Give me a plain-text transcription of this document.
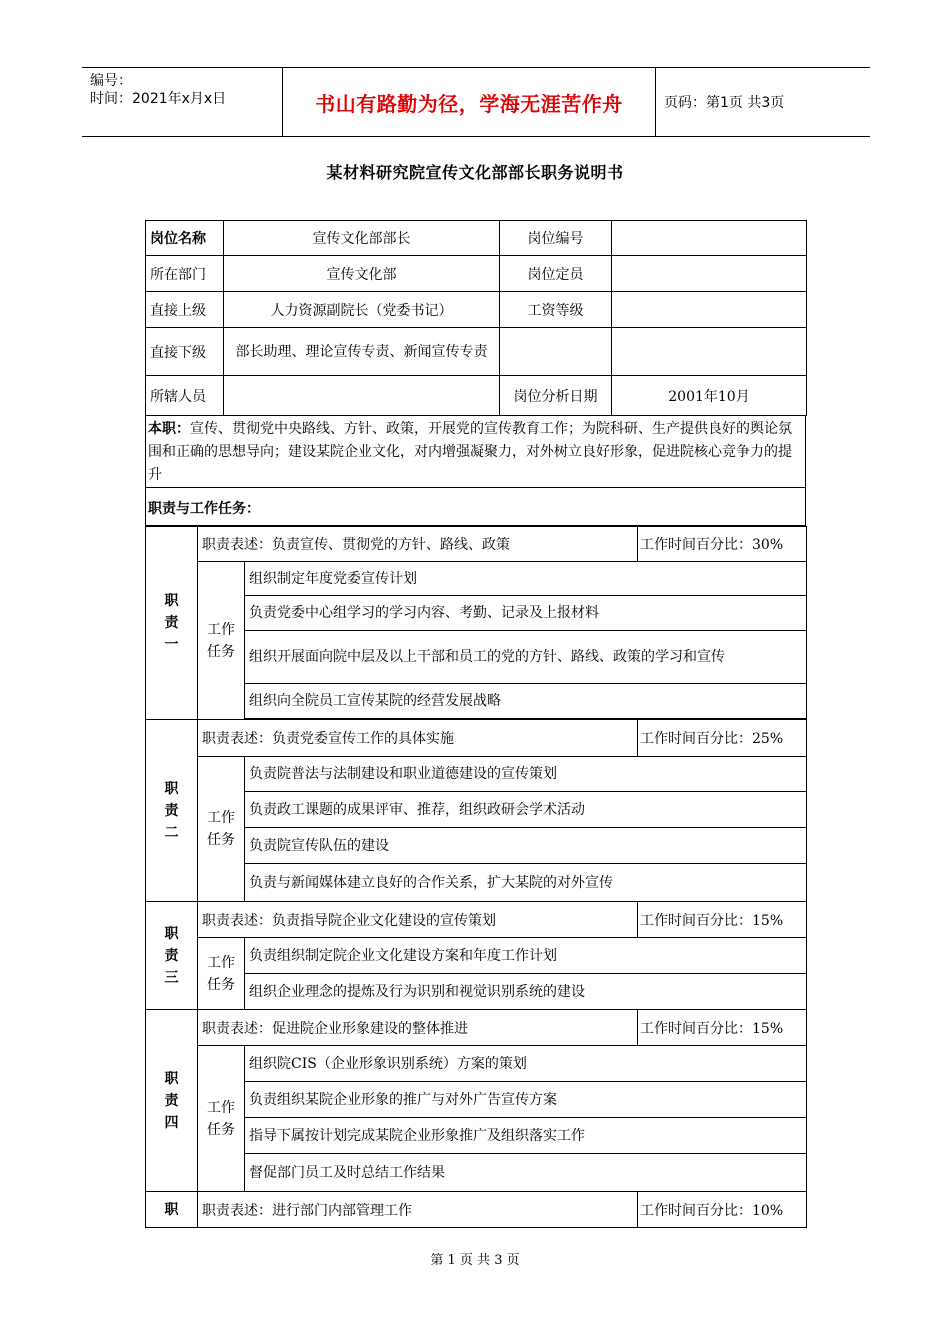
编号：
时间：2021年x月x日	书山有路勤为径，学海无涯苦作舟	页码：第1页 共3页
某材料研究院宣传文化部部长职务说明书
岗位名称	宣传文化部部长	岗位编号	
所在部门	宣传文化部	岗位定员	
直接上级	人力资源副院长（党委书记）	工资等级	
直接下级	部长助理、理论宣传专责、新闻宣传专责		
所辖人员		岗位分析日期	2001年10月
本职：宣传、贯彻党中央路线、方针、政策，开展党的宣传教育工作；为院科研、生产提供良好的舆论氛围和正确的思想导向；建设某院企业文化，对内增强凝聚力，对外树立良好形象，促进院核心竞争力的提升
职责与工作任务：
职
责
一	职责表述：负责宣传、贯彻党的方针、路线、政策		工作时间百分比：30%

	工作
任务	组织制定年度党委宣传计划	
		负责党委中心组学习的学习内容、考勤、记录及上报材料	
		组织开展面向院中层及以上干部和员工的党的方针、路线、政策的学习和宣传	
		组织向全院员工宣传某院的经营发展战略	

职
责
二	职责表述：负责党委宣传工作的具体实施		工作时间百分比：25%

	工作
任务	负责院普法与法制建设和职业道德建设的宣传策划	
		负责政工课题的成果评审、推荐，组织政研会学术活动	
		负责院宣传队伍的建设	
		负责与新闻媒体建立良好的合作关系，扩大某院的对外宣传	

职
责
三	职责表述：负责指导院企业文化建设的宣传策划		工作时间百分比：15%

	工作
任务	负责组织制定院企业文化建设方案和年度工作计划	
		组织企业理念的提炼及行为识别和视觉识别系统的建设	

职
责
四	职责表述：促进院企业形象建设的整体推进		工作时间百分比：15%

	工作
任务	组织院CIS（企业形象识别系统）方案的策划	
		负责组织某院企业形象的推广与对外广告宣传方案	
		指导下属按计划完成某院企业形象推广及组织落实工作	
		督促部门员工及时总结工作结果	
职	职责表述：进行部门内部管理工作		工作时间百分比：10%
第 1 页 共 3 页
